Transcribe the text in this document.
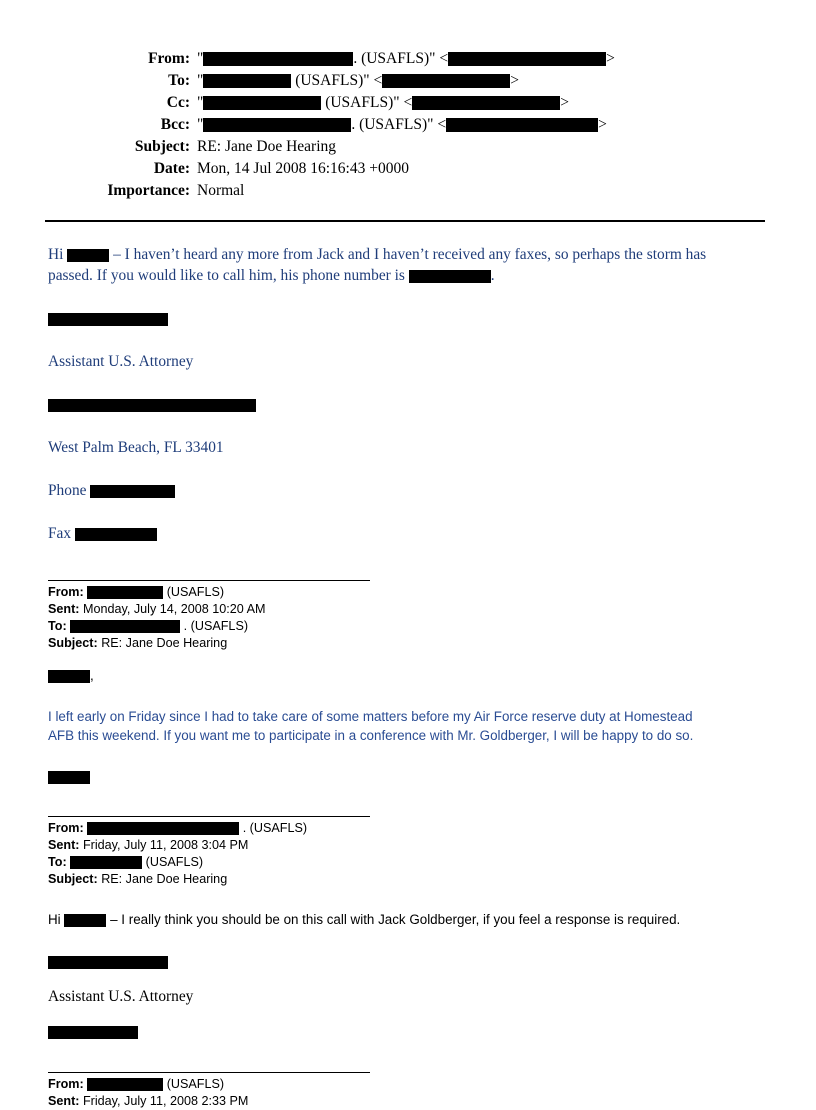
From: "	. (USAFLS)" <	>
To: "	(USAFLS)" <	>
Cc: "	(USAFLS)" <	>
Bcc: "	. (USAFLS)" <	>
Subject: RE: Jane Doe Hearing
Date: Mon, 14 Jul 2008 16:16:43 +0000
Importance: Normal

Hi	– I haven’t heard any more from Jack and I haven’t received any faxes, so perhaps the storm has
passed. If you would like to call him, his phone number is	.

Assistant U.S. Attorney
West Palm Beach, FL 33401
Phone
Fax
From:	(USAFLS)
Sent: Monday, July 14, 2008 10:20 AM
To:	. (USAFLS)
Subject: RE: Jane Doe Hearing
,
I left early on Friday since I had to take care of some matters before my Air Force reserve duty at Homestead
AFB this weekend. If you want me to participate in a conference with Mr. Goldberger, I will be happy to do so.
From:	. (USAFLS)
Sent: Friday, July 11, 2008 3:04 PM
To:	(USAFLS)
Subject: RE: Jane Doe Hearing
Hi	– I really think you should be on this call with Jack Goldberger, if you feel a response is required.
Assistant U.S. Attorney
From:	(USAFLS)
Sent: Friday, July 11, 2008 2:33 PM
